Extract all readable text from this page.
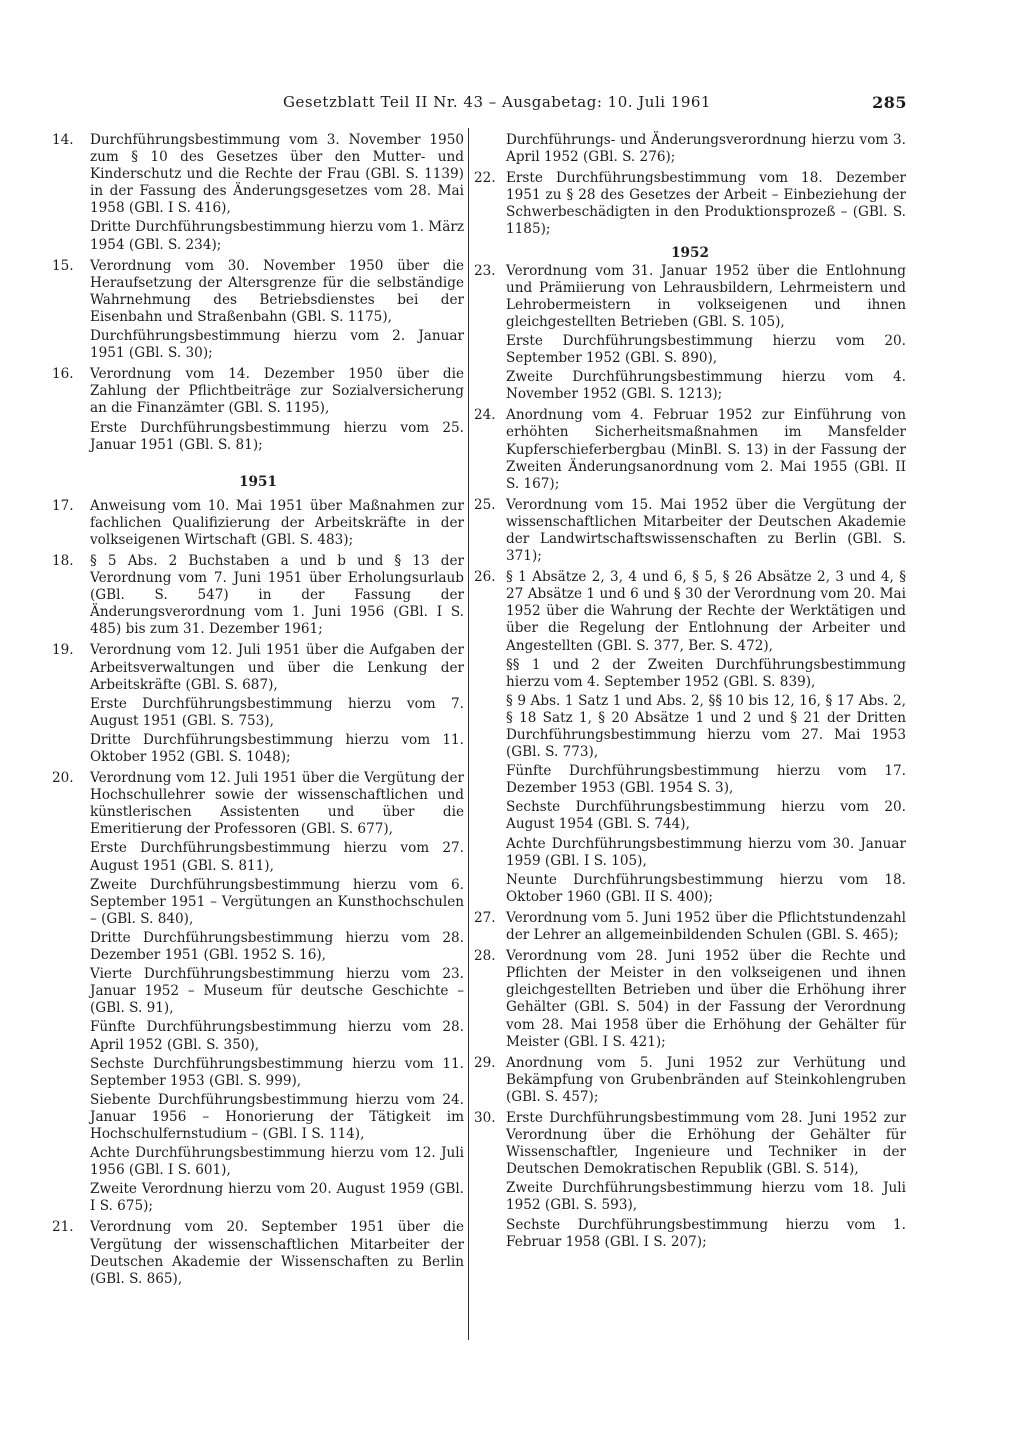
Gesetzblatt Teil II Nr. 43 – Ausgabetag: 10. Juli 1961	285
14.	Durchführungsbestimmung vom 3. November 1950 zum § 10 des Gesetzes über den Mutter- und Kinderschutz und die Rechte der Frau (GBl. S. 1139) in der Fassung des Änderungsgesetzes vom 28. Mai 1958 (GBl. I S. 416),

Dritte Durchführungsbestimmung hierzu vom 1. März 1954 (GBl. S. 234);

15.	Verordnung vom 30. November 1950 über die Heraufsetzung der Altersgrenze für die selbständige Wahrnehmung des Betriebsdienstes bei der Eisenbahn und Straßenbahn (GBl. S. 1175),

Durchführungsbestimmung hierzu vom 2. Januar 1951 (GBl. S. 30);

16.	Verordnung vom 14. Dezember 1950 über die Zahlung der Pflichtbeiträge zur Sozialversicherung an die Finanzämter (GBl. S. 1195),

Erste Durchführungsbestimmung hierzu vom 25. Januar 1951 (GBl. S. 81);

1951
17.	Anweisung vom 10. Mai 1951 über Maßnahmen zur fachlichen Qualifizierung der Arbeitskräfte in der volkseigenen Wirtschaft (GBl. S. 483);

18.	§ 5 Abs. 2 Buchstaben a und b und § 13 der Verordnung vom 7. Juni 1951 über Erholungsurlaub (GBl. S. 547) in der Fassung der Änderungsverordnung vom 1. Juni 1956 (GBl. I S. 485) bis zum 31. Dezember 1961;

19.	Verordnung vom 12. Juli 1951 über die Aufgaben der Arbeitsverwaltungen und über die Lenkung der Arbeitskräfte (GBl. S. 687),

Erste Durchführungsbestimmung hierzu vom 7. August 1951 (GBl. S. 753),

Dritte Durchführungsbestimmung hierzu vom 11. Oktober 1952 (GBl. S. 1048);

20.	Verordnung vom 12. Juli 1951 über die Vergütung der Hochschullehrer sowie der wissenschaftlichen und künstlerischen Assistenten und über die Emeritierung der Professoren (GBl. S. 677),

Erste Durchführungsbestimmung hierzu vom 27. August 1951 (GBl. S. 811),

Zweite Durchführungsbestimmung hierzu vom 6. September 1951 – Vergütungen an Kunsthochschulen – (GBl. S. 840),

Dritte Durchführungsbestimmung hierzu vom 28. Dezember 1951 (GBl. 1952 S. 16),

Vierte Durchführungsbestimmung hierzu vom 23. Januar 1952 – Museum für deutsche Geschichte – (GBl. S. 91),

Fünfte Durchführungsbestimmung hierzu vom 28. April 1952 (GBl. S. 350),

Sechste Durchführungsbestimmung hierzu vom 11. September 1953 (GBl. S. 999),

Siebente Durchführungsbestimmung hierzu vom 24. Januar 1956 – Honorierung der Tätigkeit im Hochschulfernstudium – (GBl. I S. 114),

Achte Durchführungsbestimmung hierzu vom 12. Juli 1956 (GBl. I S. 601),

Zweite Verordnung hierzu vom 20. August 1959 (GBl. I S. 675);

21.	Verordnung vom 20. September 1951 über die Vergütung der wissenschaftlichen Mitarbeiter der Deutschen Akademie der Wissenschaften zu Berlin (GBl. S. 865),

Durchführungs- und Änderungsverordnung hierzu vom 3. April 1952 (GBl. S. 276);
22. Erste Durchführungsbestimmung vom 18. Dezember 1951 zu § 28 des Gesetzes der Arbeit – Einbeziehung der Schwerbeschädigten in den Produktionsprozeß – (GBl. S. 1185);

1952
23. Verordnung vom 31. Januar 1952 über die Entlohnung und Prämiierung von Lehrausbildern, Lehrmeistern und Lehrobermeistern in volkseigenen und ihnen gleichgestellten Betrieben (GBl. S. 105),

Erste Durchführungsbestimmung hierzu vom 20. September 1952 (GBl. S. 890),

Zweite Durchführungsbestimmung hierzu vom 4. November 1952 (GBl. S. 1213);

24. Anordnung vom 4. Februar 1952 zur Einführung von erhöhten Sicherheitsmaßnahmen im Mansfelder Kupferschieferbergbau (MinBl. S. 13) in der Fassung der Zweiten Änderungsanordnung vom 2. Mai 1955 (GBl. II S. 167);

25. Verordnung vom 15. Mai 1952 über die Vergütung der wissenschaftlichen Mitarbeiter der Deutschen Akademie der Landwirtschaftswissenschaften zu Berlin (GBl. S. 371);

26. § 1 Absätze 2, 3, 4 und 6, § 5, § 26 Absätze 2, 3 und 4, § 27 Absätze 1 und 6 und § 30 der Verordnung vom 20. Mai 1952 über die Wahrung der Rechte der Werktätigen und über die Regelung der Entlohnung der Arbeiter und Angestellten (GBl. S. 377, Ber. S. 472),

§§ 1 und 2 der Zweiten Durchführungsbestimmung hierzu vom 4. September 1952 (GBl. S. 839),

§ 9 Abs. 1 Satz 1 und Abs. 2, §§ 10 bis 12, 16, § 17 Abs. 2, § 18 Satz 1, § 20 Absätze 1 und 2 und § 21 der Dritten Durchführungsbestimmung hierzu vom 27. Mai 1953 (GBl. S. 773),

Fünfte Durchführungsbestimmung hierzu vom 17. Dezember 1953 (GBl. 1954 S. 3),

Sechste Durchführungsbestimmung hierzu vom 20. August 1954 (GBl. S. 744),

Achte Durchführungsbestimmung hierzu vom 30. Januar 1959 (GBl. I S. 105),

Neunte Durchführungsbestimmung hierzu vom 18. Oktober 1960 (GBl. II S. 400);

27. Verordnung vom 5. Juni 1952 über die Pflichtstundenzahl der Lehrer an allgemeinbildenden Schulen (GBl. S. 465);

28. Verordnung vom 28. Juni 1952 über die Rechte und Pflichten der Meister in den volkseigenen und ihnen gleichgestellten Betrieben und über die Erhöhung ihrer Gehälter (GBl. S. 504) in der Fassung der Verordnung vom 28. Mai 1958 über die Erhöhung der Gehälter für Meister (GBl. I S. 421);

29. Anordnung vom 5. Juni 1952 zur Verhütung und Bekämpfung von Grubenbränden auf Steinkohlengruben (GBl. S. 457);

30. Erste Durchführungsbestimmung vom 28. Juni 1952 zur Verordnung über die Erhöhung der Gehälter für Wissenschaftler, Ingenieure und Techniker in der Deutschen Demokratischen Republik (GBl. S. 514),

Zweite Durchführungsbestimmung hierzu vom 18. Juli 1952 (GBl. S. 593),

Sechste Durchführungsbestimmung hierzu vom 1. Februar 1958 (GBl. I S. 207);
